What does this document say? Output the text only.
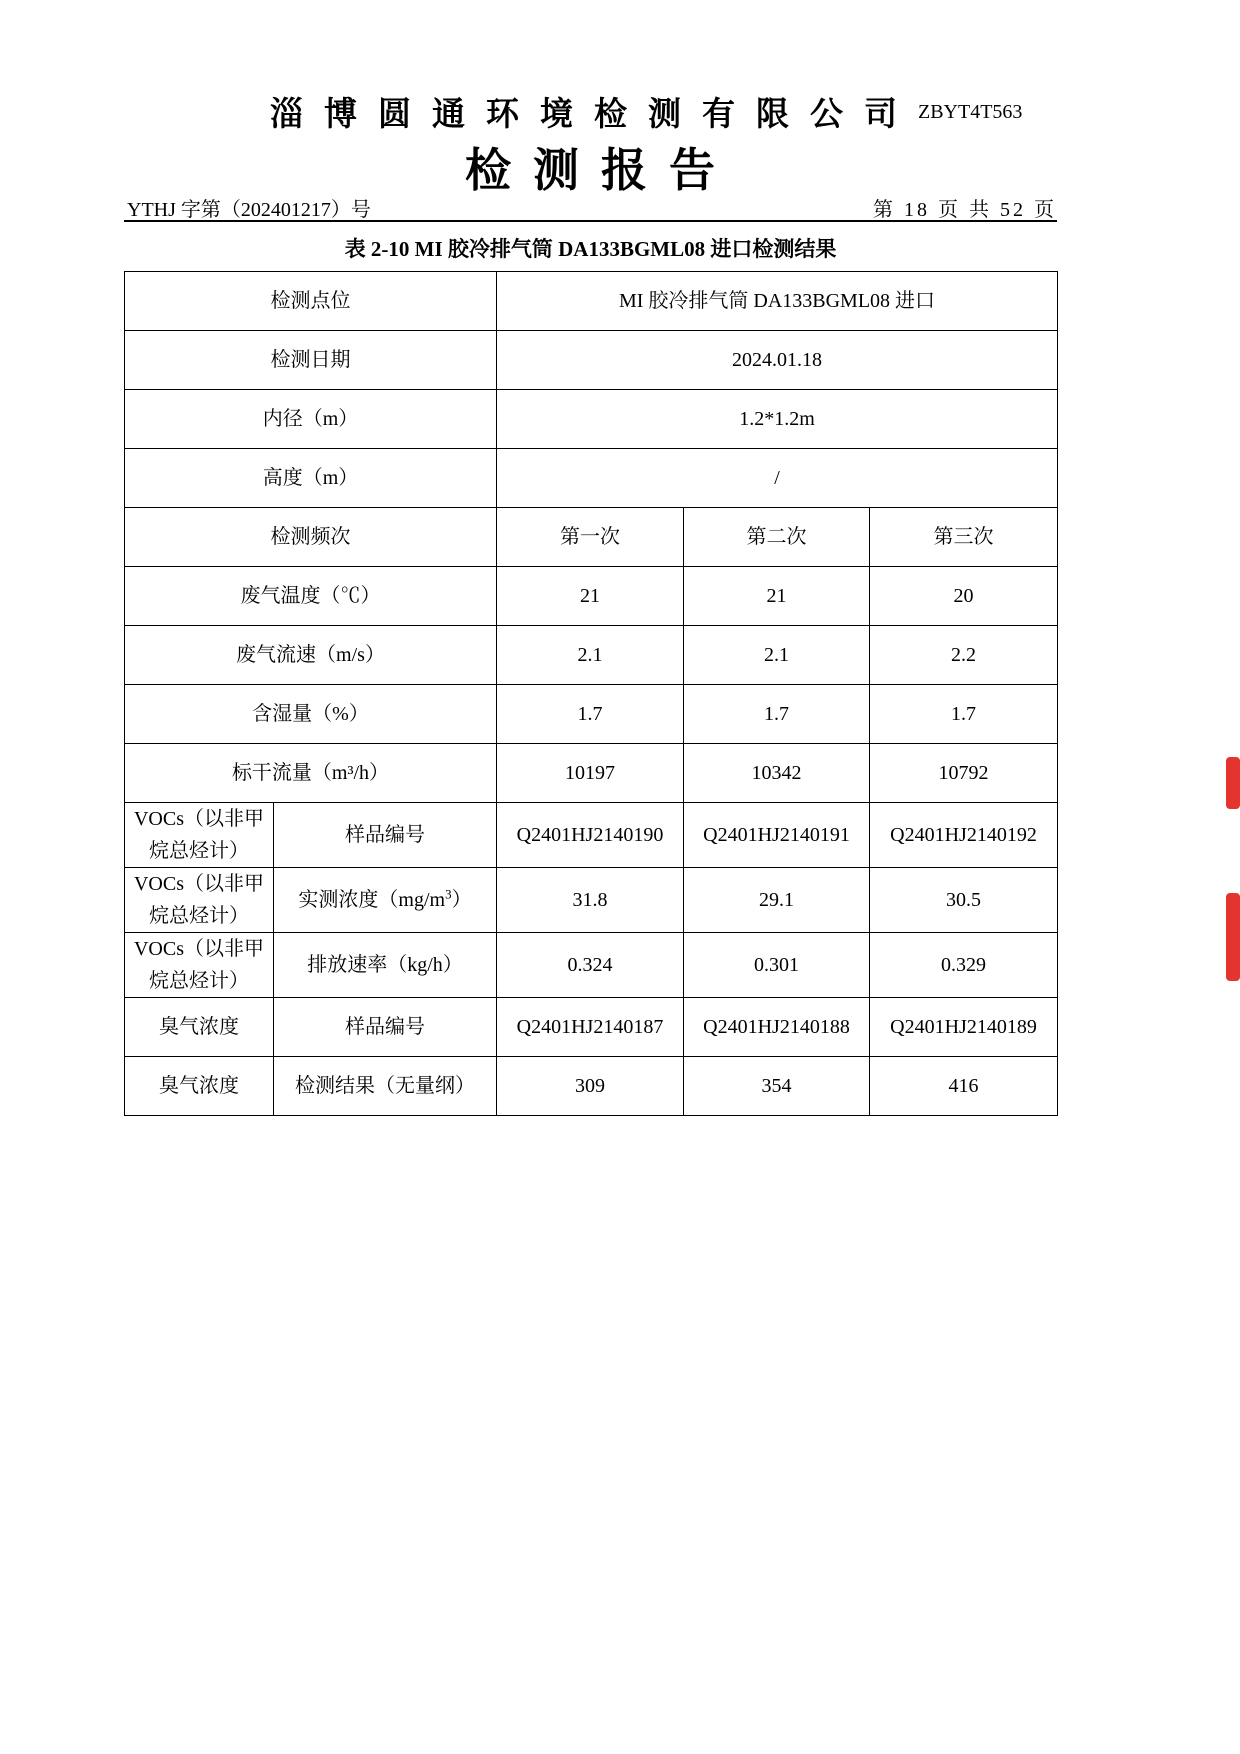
淄博圆通环境检测有限公司 ZBYT4T563
检测报告
YTHJ 字第（202401217）号	第 18 页 共 52 页
表 2-10 MI 胶冷排气筒 DA133BGML08 进口检测结果
检测点位		MI 胶冷排气筒 DA133BGML08 进口		
检测日期		2024.01.18		
内径（m）		1.2*1.2m		
高度（m）		/		
检测频次		第一次	第二次	第三次
废气温度（℃）		21	21	20
废气流速（m/s）		2.1	2.1	2.2
含湿量（%）		1.7	1.7	1.7
标干流量（m³/h）		10197	10342	10792
VOCs（以非甲烷总烃计）	样品编号	Q2401HJ2140190	Q2401HJ2140191	Q2401HJ2140192
VOCs（以非甲烷总烃计）	实测浓度$(mg/m^3)$	31.8	29.1	30.5
VOCs（以非甲烷总烃计）	排放速率（kg/h）	0.324	0.301	0.329
臭气浓度	样品编号	Q2401HJ2140187	Q2401HJ2140188	Q2401HJ2140189
臭气浓度	检测结果（无量纲）	309	354	416
